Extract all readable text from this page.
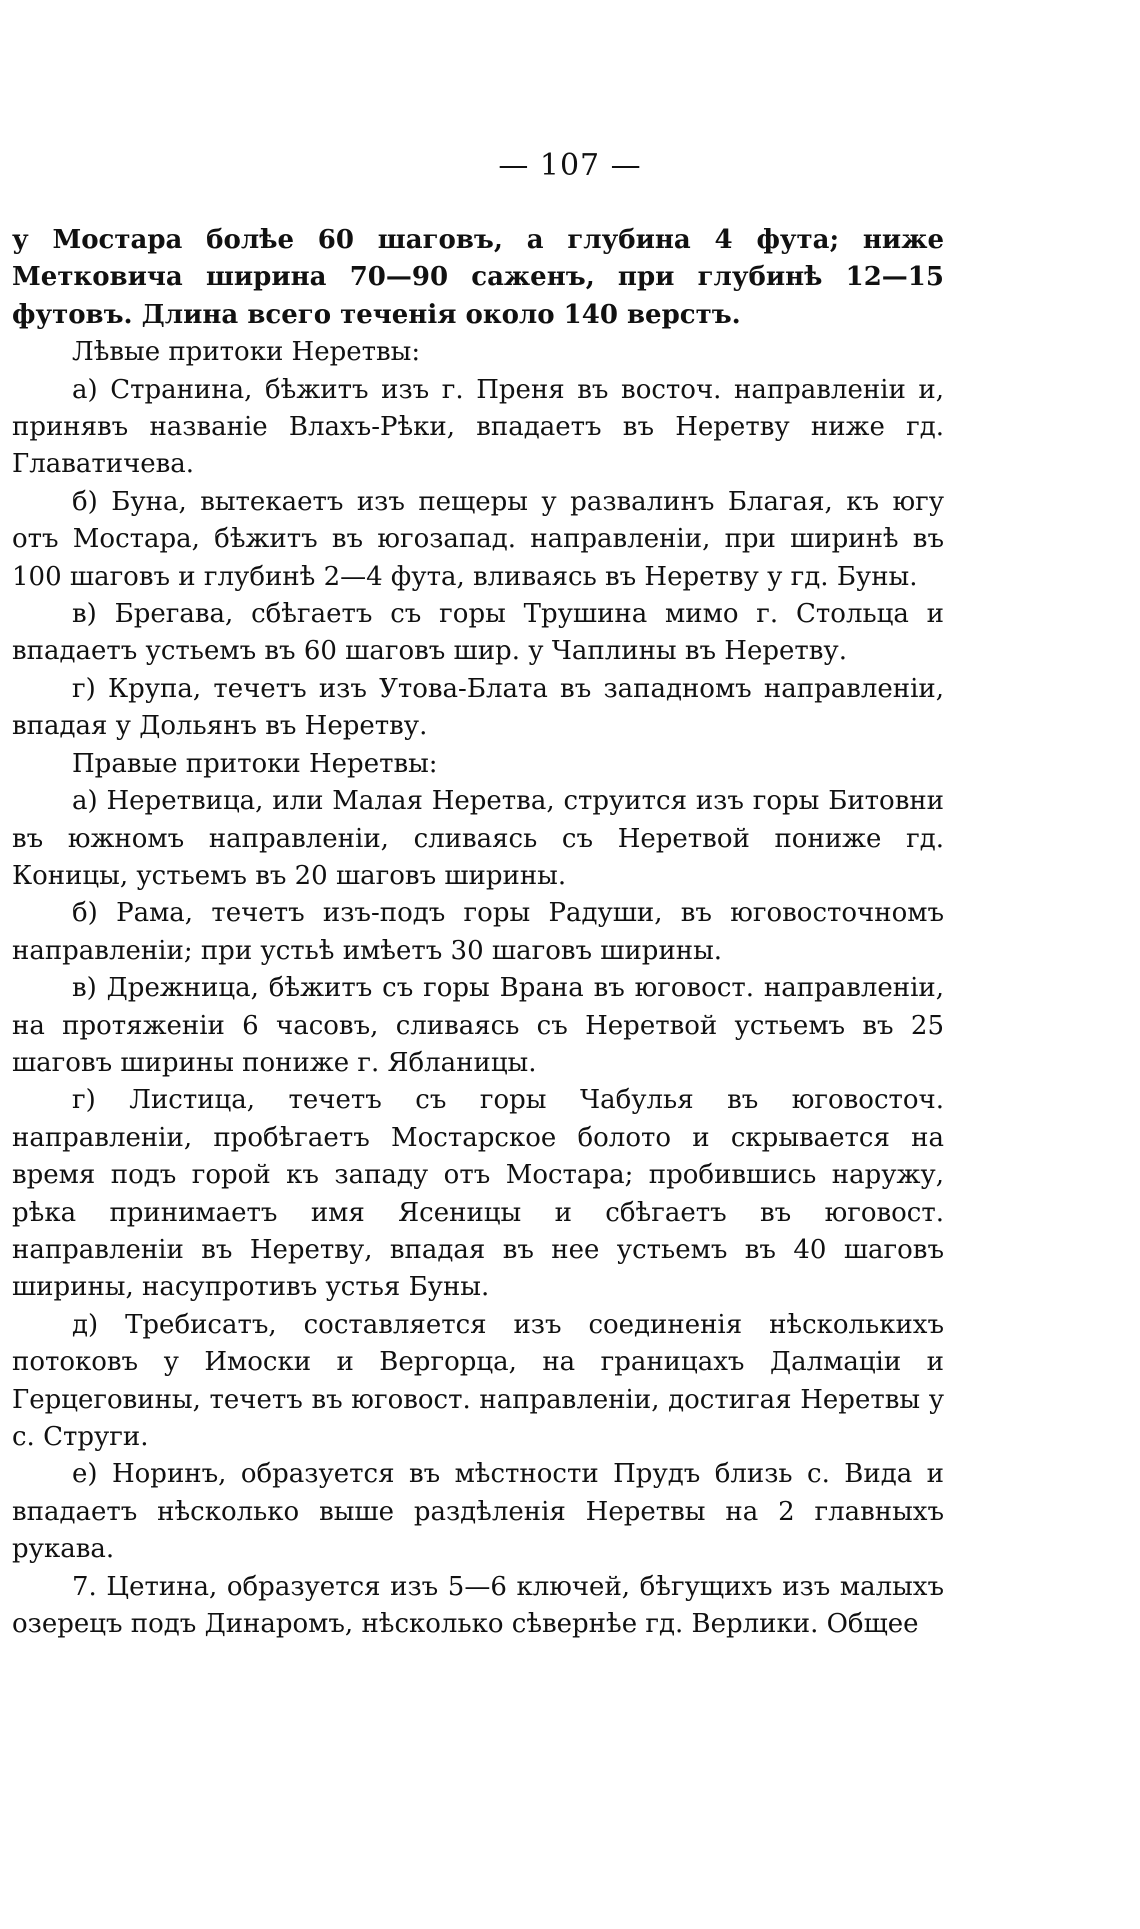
— 107 —

у Мостара болѣе 60 шаговъ, а глубина 4 фута; ниже Метковича ширина 70—90 саженъ, при глубинѣ 12—15 футовъ. Длина всего теченія около 140 верстъ.

Лѣвые притоки Неретвы:

а) Странина, бѣжитъ изъ г. Преня въ восточ. направленіи и, принявъ названіе Влахъ-Рѣки, впадаетъ въ Неретву ниже гд. Главатичева.

б) Буна, вытекаетъ изъ пещеры у развалинъ Благая, къ югу отъ Мостара, бѣжитъ въ югозапад. направленіи, при ширинѣ въ 100 шаговъ и глубинѣ 2—4 фута, вливаясь въ Неретву у гд. Буны.

в) Брегава, сбѣгаетъ съ горы Трушина мимо г. Стольца и впадаетъ устьемъ въ 60 шаговъ шир. у Чаплины въ Неретву.

г) Крупа, течетъ изъ Утова-Блата въ западномъ направленіи, впадая у Дольянъ въ Неретву.

Правые притоки Неретвы:

а) Неретвица, или Малая Неретва, струится изъ горы Битовни въ южномъ направленіи, сливаясь съ Неретвой пониже гд. Коницы, устьемъ въ 20 шаговъ ширины.

б) Рама, течетъ изъ-подъ горы Радуши, въ юговосточномъ направленіи; при устьѣ имѣетъ 30 шаговъ ширины.

в) Дрежница, бѣжитъ съ горы Врана въ юговост. направленіи, на протяженіи 6 часовъ, сливаясь съ Неретвой устьемъ въ 25 шаговъ ширины пониже г. Ябланицы.

г) Листица, течетъ съ горы Чабулья въ юговосточ. направленіи, пробѣгаетъ Мостарское болото и скрывается на время подъ горой къ западу отъ Мостара; пробившись наружу, рѣка принимаетъ имя Ясеницы и сбѣгаетъ въ юговост. направленіи въ Неретву, впадая въ нее устьемъ въ 40 шаговъ ширины, насупротивъ устья Буны.

д) Требисатъ, составляется изъ соединенія нѣсколькихъ потоковъ у Имоски и Вергорца, на границахъ Далмаціи и Герцеговины, течетъ въ юговост. направленіи, достигая Неретвы у с. Струги.

е) Норинъ, образуется въ мѣстности Прудъ близь с. Вида и впадаетъ нѣсколько выше раздѣленія Неретвы на 2 главныхъ рукава.

7. Цетина, образуется изъ 5—6 ключей, бѣгущихъ изъ малыхъ озерецъ подъ Динаромъ, нѣсколько сѣвернѣе гд. Верлики. Общее
